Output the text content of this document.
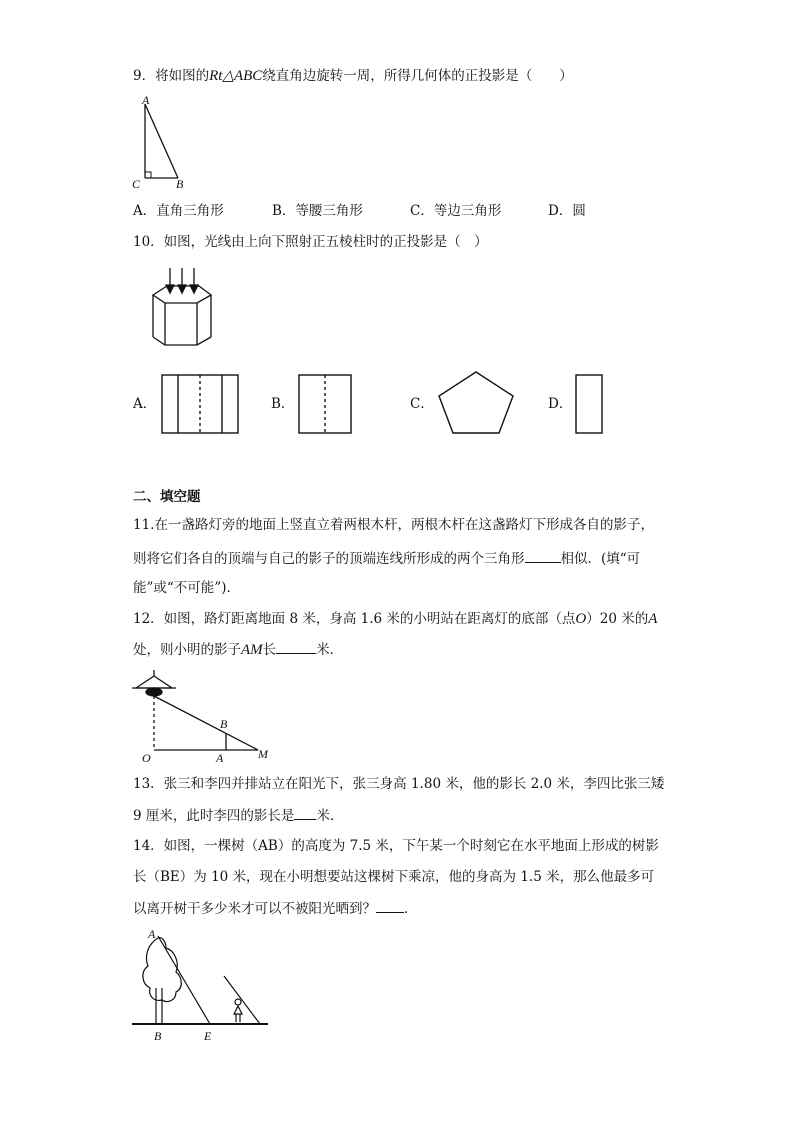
9．将如图的Rt△ABC绕直角边旋转一周，所得几何体的正投影是（　　）
A
C	B
A．直角三角形	B．等腰三角形	C．等边三角形	D．圆
10．如图，光线由上向下照射正五棱柱时的正投影是（　）
A．	B．	C．	D．
二、填空题
11.在一盏路灯旁的地面上竖直立着两根木杆，两根木杆在这盏路灯下形成各自的影子，
则将它们各自的顶端与自己的影子的顶端连线所形成的两个三角形	相似．(填“可
能”或“不可能”)．
12．如图，路灯距离地面 8 米，身高 1.6 米的小明站在距离灯的底部（点O）20 米的A
处，则小明的影子AM长	米．
O	A
B
M
13．张三和李四并排站立在阳光下，张三身高 1.80 米，他的影长 2.0 米，李四比张三矮
9 厘米，此时李四的影长是 米．
14．如图，一棵树（AB）的高度为 7.5 米，下午某一个时刻它在水平地面上形成的树影
长（BE）为 10 米，现在小明想要站这棵树下乘凉，他的身高为 1.5 米，那么他最多可
以离开树干多少米才可以不被阳光晒到？ ．
A
B	E
